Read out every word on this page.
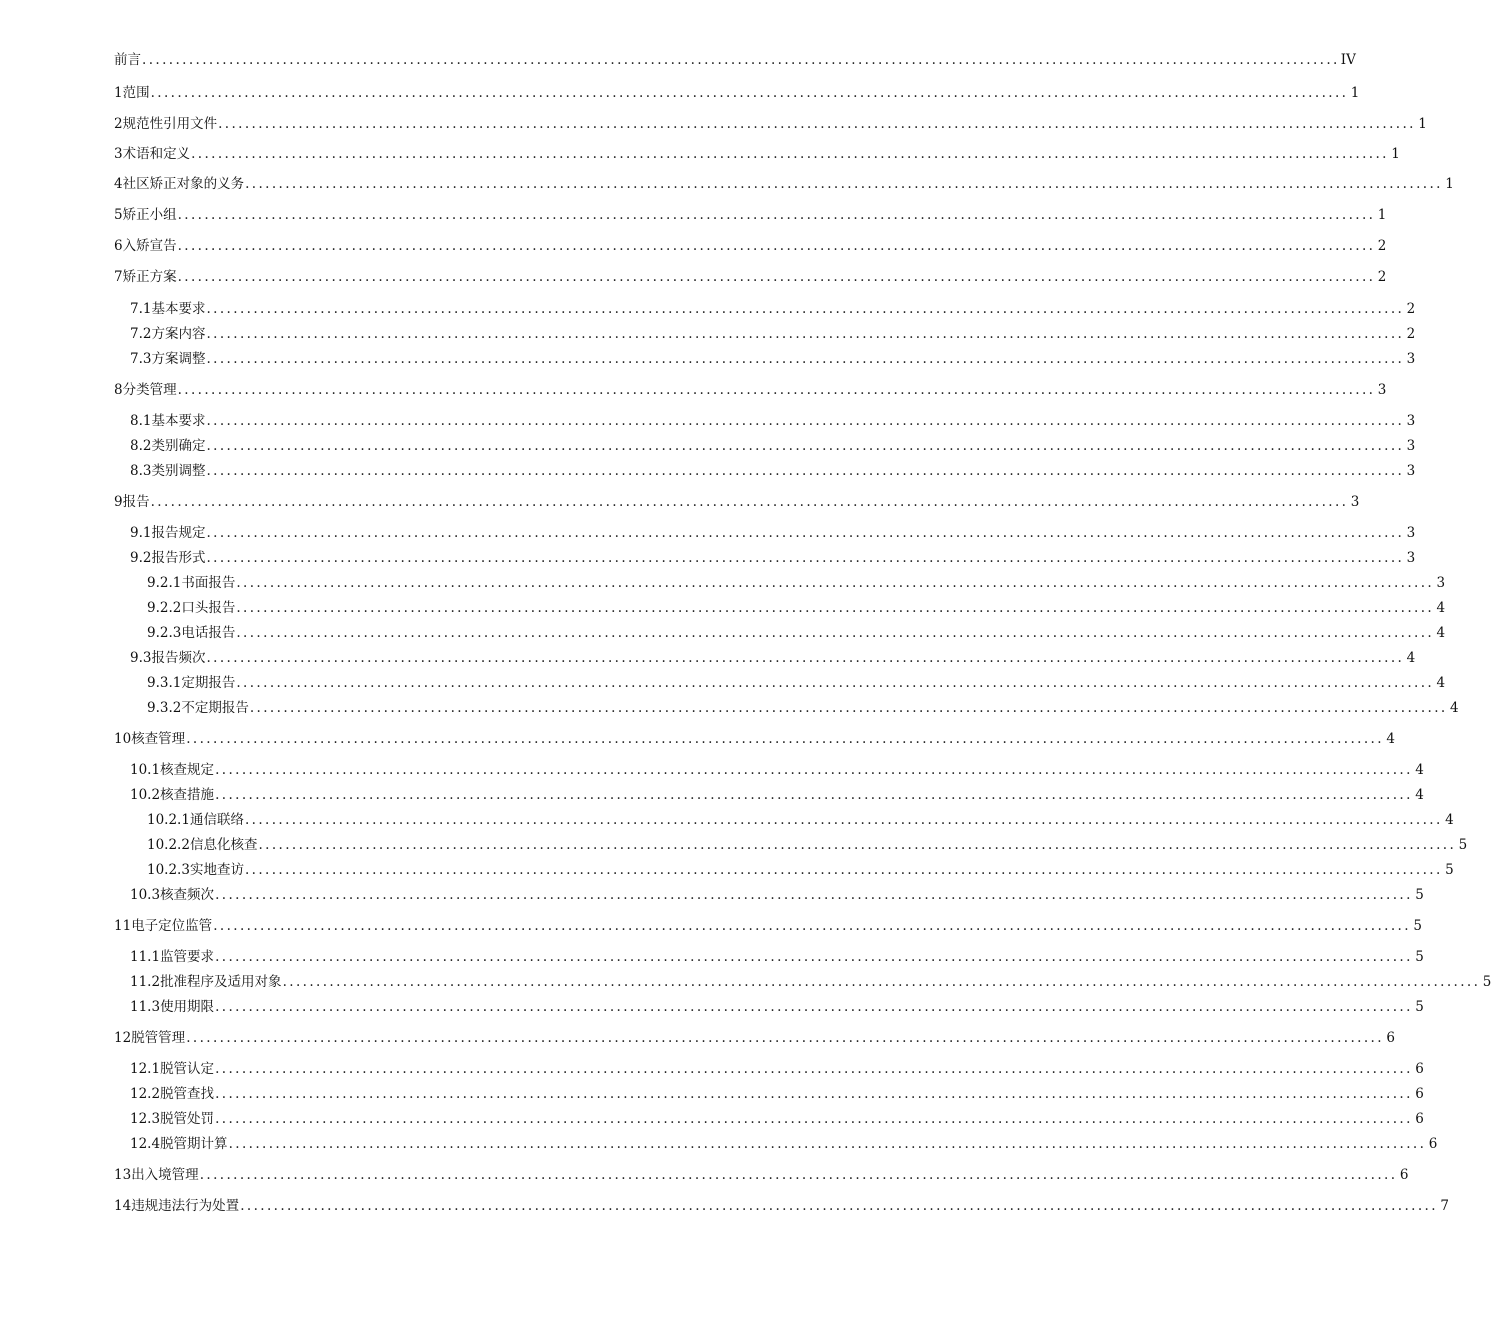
前言 ................................................................................................................................................................................... IV
1 范围 ................................................................................................................................................................................... 1
2 规范性引用文件 ................................................................................................................................................................................... 1
3 术语和定义 ................................................................................................................................................................................... 1
4 社区矫正对象的义务 ................................................................................................................................................................................... 1
5 矫正小组 ................................................................................................................................................................................... 1
6 入矫宣告 ................................................................................................................................................................................... 2
7 矫正方案 ................................................................................................................................................................................... 2
7.1 基本要求 ................................................................................................................................................................................... 2
7.2 方案内容 ................................................................................................................................................................................... 2
7.3 方案调整 ................................................................................................................................................................................... 3
8 分类管理 ................................................................................................................................................................................... 3
8.1 基本要求 ................................................................................................................................................................................... 3
8.2 类别确定 ................................................................................................................................................................................... 3
8.3 类别调整 ................................................................................................................................................................................... 3
9 报告 ................................................................................................................................................................................... 3
9.1 报告规定 ................................................................................................................................................................................... 3
9.2 报告形式 ................................................................................................................................................................................... 3
9.2.1 书面报告 ................................................................................................................................................................................... 3
9.2.2 口头报告 ................................................................................................................................................................................... 4
9.2.3 电话报告 ................................................................................................................................................................................... 4
9.3 报告频次 ................................................................................................................................................................................... 4
9.3.1 定期报告 ................................................................................................................................................................................... 4
9.3.2 不定期报告 ................................................................................................................................................................................... 4
10 核查管理 ................................................................................................................................................................................... 4
10.1 核查规定 ................................................................................................................................................................................... 4
10.2 核查措施 ................................................................................................................................................................................... 4
10.2.1 通信联络 ................................................................................................................................................................................... 4
10.2.2 信息化核查 ................................................................................................................................................................................... 5
10.2.3 实地查访 ................................................................................................................................................................................... 5
10.3 核查频次 ................................................................................................................................................................................... 5
11 电子定位监管 ................................................................................................................................................................................... 5
11.1 监管要求 ................................................................................................................................................................................... 5
11.2 批准程序及适用对象 ................................................................................................................................................................................... 5
11.3 使用期限 ................................................................................................................................................................................... 5
12 脱管管理 ................................................................................................................................................................................... 6
12.1 脱管认定 ................................................................................................................................................................................... 6
12.2 脱管查找 ................................................................................................................................................................................... 6
12.3 脱管处罚 ................................................................................................................................................................................... 6
12.4 脱管期计算 ................................................................................................................................................................................... 6
13 出入境管理 ................................................................................................................................................................................... 6
14 违规违法行为处置 ................................................................................................................................................................................... 7
